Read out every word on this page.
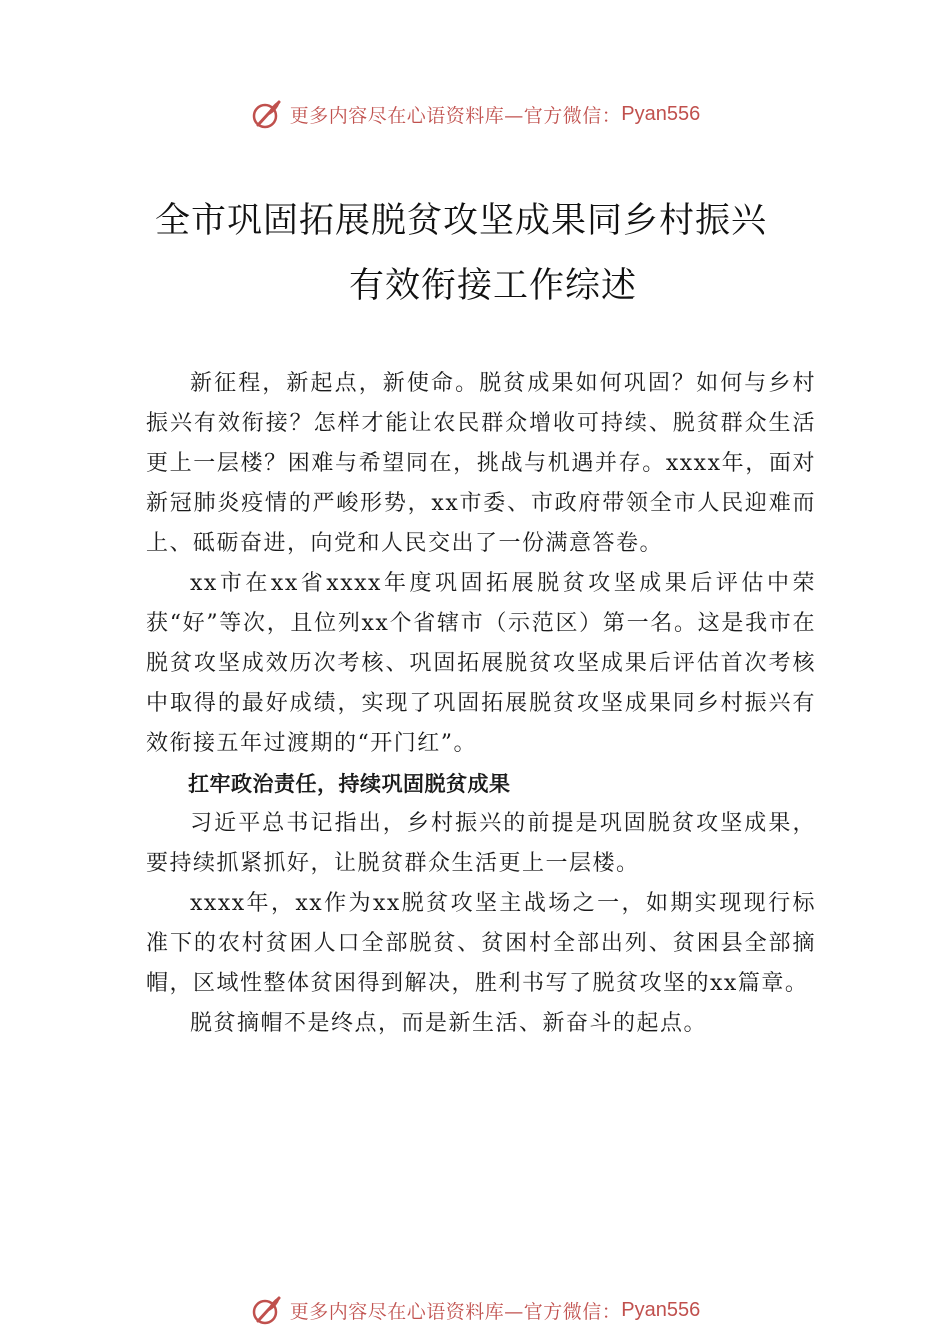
更多内容尽在心语资料库—官方微信： Pyan556
全市巩固拓展脱贫攻坚成果同乡村振兴
有效衔接工作综述

新征程，新起点，新使命。脱贫成果如何巩固？如何与乡村振兴有效衔接？怎样才能让农民群众增收可持续、脱贫群众生活更上一层楼？困难与希望同在，挑战与机遇并存。xxxx年，面对新冠肺炎疫情的严峻形势，xx市委、市政府带领全市人民迎难而上、砥砺奋进，向党和人民交出了一份满意答卷。

xx市在xx省xxxx年度巩固拓展脱贫攻坚成果后评估中荣获“好”等次，且位列xx个省辖市（示范区）第一名。这是我市在脱贫攻坚成效历次考核、巩固拓展脱贫攻坚成果后评估首次考核中取得的最好成绩，实现了巩固拓展脱贫攻坚成果同乡村振兴有效衔接五年过渡期的“开门红”。

扛牢政治责任，持续巩固脱贫成果

习近平总书记指出，乡村振兴的前提是巩固脱贫攻坚成果，要持续抓紧抓好，让脱贫群众生活更上一层楼。

xxxx年，xx作为xx脱贫攻坚主战场之一，如期实现现行标准下的农村贫困人口全部脱贫、贫困村全部出列、贫困县全部摘帽，区域性整体贫困得到解决，胜利书写了脱贫攻坚的xx篇章。

脱贫摘帽不是终点，而是新生活、新奋斗的起点。

更多内容尽在心语资料库—官方微信： Pyan556
